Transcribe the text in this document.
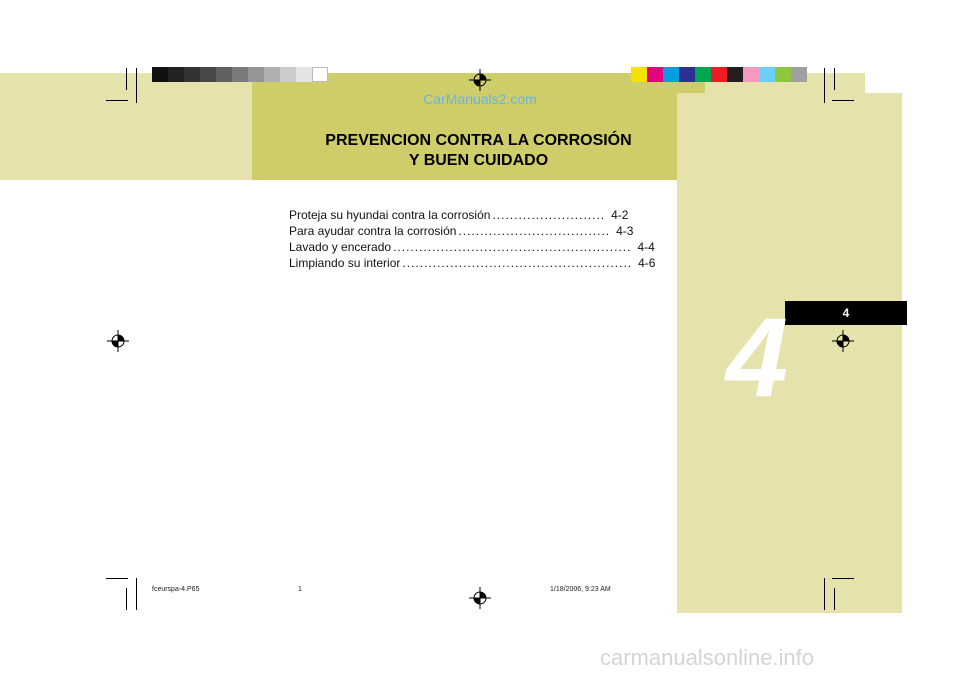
CarManuals2.com
PREVENCION CONTRA LA CORROSIÓN
Y BUEN CUIDADO
Proteja su hyundai contra la corrosión .......................... 4-2
Para ayudar contra la corrosión ................................... 4-3
Lavado y encerado ....................................................... 4-4
Limpiando su interior ..................................................... 4-6
4
4
fceurspa-4.P65	1	1/18/2006, 9:23 AM
carmanualsonline.info
